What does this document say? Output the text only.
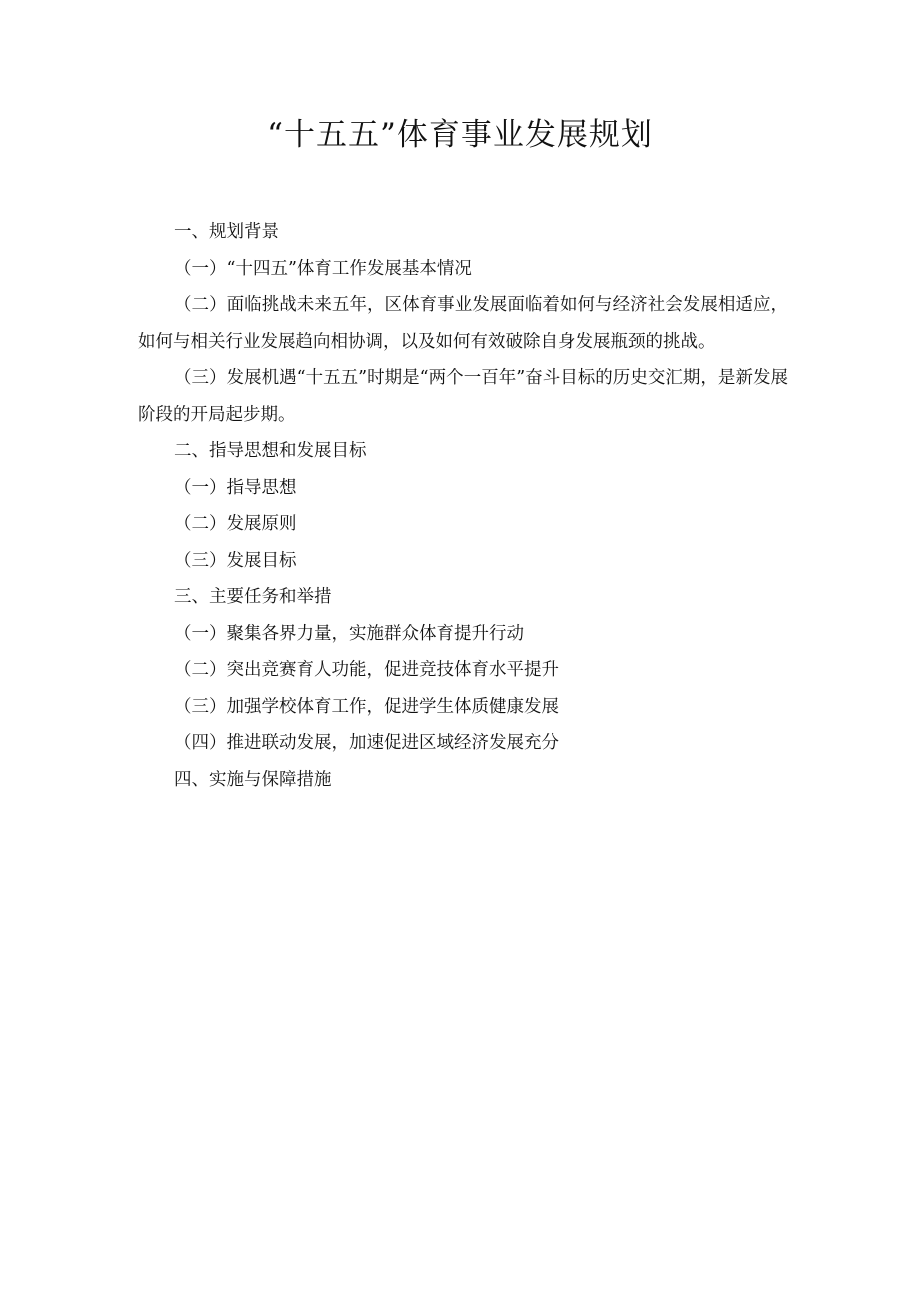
“十五五”体育事业发展规划

一、规划背景

（一）“十四五”体育工作发展基本情况

（二）面临挑战未来五年，区体育事业发展面临着如何与经济社会发展相适应，如何与相关行业发展趋向相协调，以及如何有效破除自身发展瓶颈的挑战。

（三）发展机遇“十五五”时期是“两个一百年”奋斗目标的历史交汇期，是新发展阶段的开局起步期。

二、指导思想和发展目标

（一）指导思想

（二）发展原则

（三）发展目标

三、主要任务和举措

（一）聚集各界力量，实施群众体育提升行动

（二）突出竞赛育人功能，促进竞技体育水平提升

（三）加强学校体育工作，促进学生体质健康发展

（四）推进联动发展，加速促进区域经济发展充分

四、实施与保障措施
